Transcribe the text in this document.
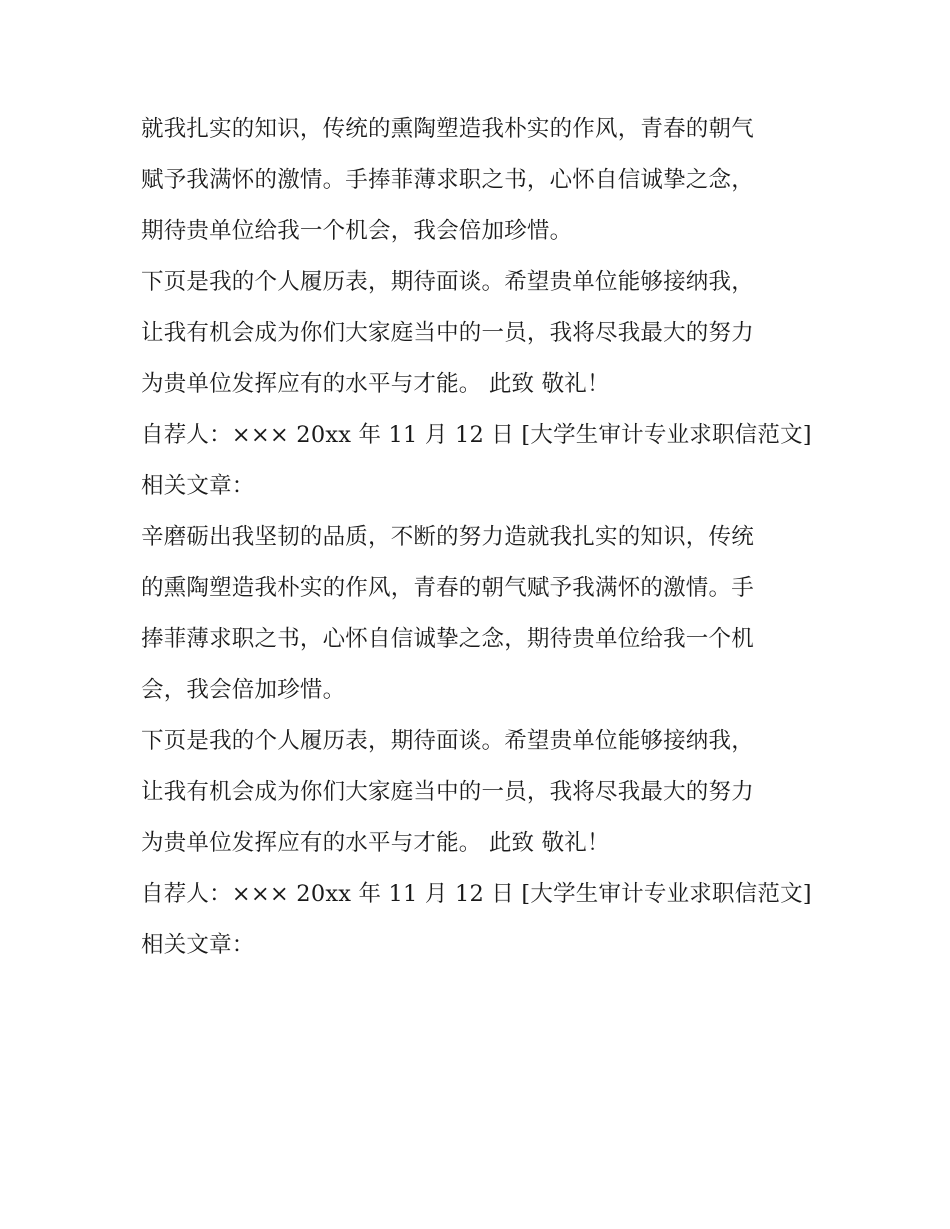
就我扎实的知识，传统的熏陶塑造我朴实的作风，青春的朝气
赋予我满怀的激情。手捧菲薄求职之书，心怀自信诚挚之念，
期待贵单位给我一个机会，我会倍加珍惜。
下页是我的个人履历表，期待面谈。希望贵单位能够接纳我，
让我有机会成为你们大家庭当中的一员，我将尽我最大的努力
为贵单位发挥应有的水平与才能。 此致 敬礼！
自荐人：××× 20xx 年 11 月 12 日 [大学生审计专业求职信范文]
相关文章：
辛磨砺出我坚韧的品质，不断的努力造就我扎实的知识，传统
的熏陶塑造我朴实的作风，青春的朝气赋予我满怀的激情。手
捧菲薄求职之书，心怀自信诚挚之念，期待贵单位给我一个机
会，我会倍加珍惜。
下页是我的个人履历表，期待面谈。希望贵单位能够接纳我，
让我有机会成为你们大家庭当中的一员，我将尽我最大的努力
为贵单位发挥应有的水平与才能。 此致 敬礼！
自荐人：××× 20xx 年 11 月 12 日 [大学生审计专业求职信范文]
相关文章：
